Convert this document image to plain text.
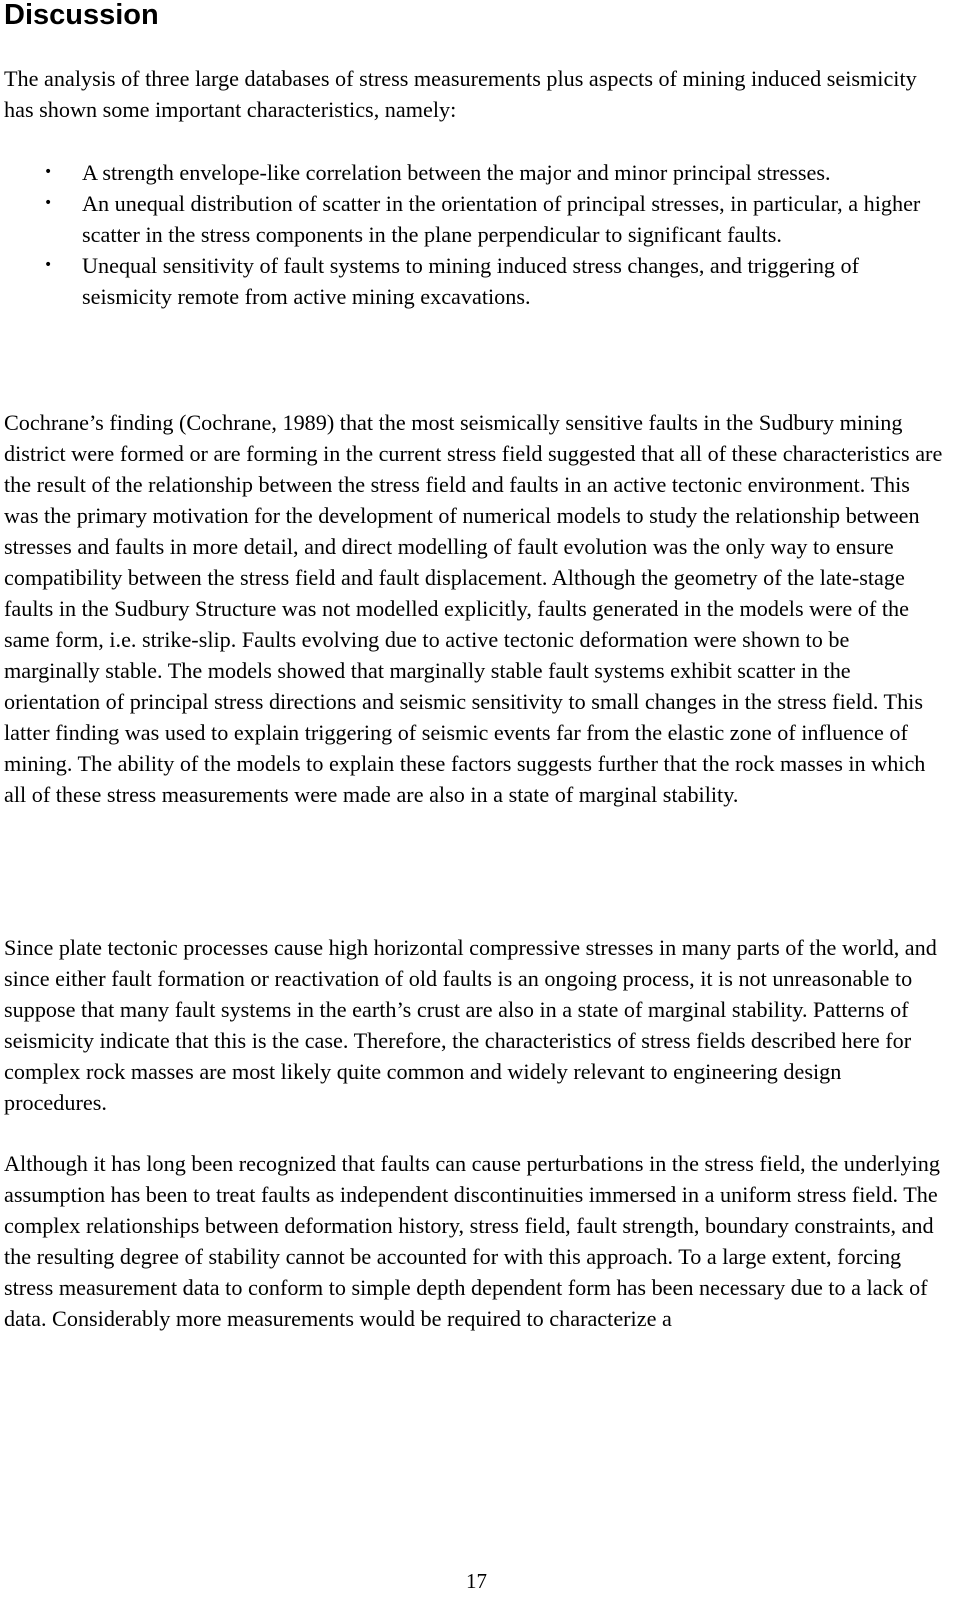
Discussion

The analysis of three large databases of stress measurements plus aspects of mining induced seismicity has shown some important characteristics, namely:

• A strength envelope-like correlation between the major and minor principal stresses.
• An unequal distribution of scatter in the orientation of principal stresses, in particular, a higher scatter in the stress components in the plane perpendicular to significant faults.
• Unequal sensitivity of fault systems to mining induced stress changes, and triggering of seismicity remote from active mining excavations.

Cochrane’s finding (Cochrane, 1989) that the most seismically sensitive faults in the Sudbury mining district were formed or are forming in the current stress field suggested that all of these characteristics are the result of the relationship between the stress field and faults in an active tectonic environment. This was the primary motivation for the development of numerical models to study the relationship between stresses and faults in more detail, and direct modelling of fault evolution was the only way to ensure compatibility between the stress field and fault displacement. Although the geometry of the late-stage faults in the Sudbury Structure was not modelled explicitly, faults generated in the models were of the same form, i.e. strike-slip. Faults evolving due to active tectonic deformation were shown to be marginally stable. The models showed that marginally stable fault systems exhibit scatter in the orientation of principal stress directions and seismic sensitivity to small changes in the stress field. This latter finding was used to explain triggering of seismic events far from the elastic zone of influence of mining. The ability of the models to explain these factors suggests further that the rock masses in which all of these stress measurements were made are also in a state of marginal stability.

Since plate tectonic processes cause high horizontal compressive stresses in many parts of the world, and since either fault formation or reactivation of old faults is an ongoing process, it is not unreasonable to suppose that many fault systems in the earth’s crust are also in a state of marginal stability. Patterns of seismicity indicate that this is the case. Therefore, the characteristics of stress fields described here for complex rock masses are most likely quite common and widely relevant to engineering design procedures.

Although it has long been recognized that faults can cause perturbations in the stress field, the underlying assumption has been to treat faults as independent discontinuities immersed in a uniform stress field. The complex relationships between deformation history, stress field, fault strength, boundary constraints, and the resulting degree of stability cannot be accounted for with this approach. To a large extent, forcing stress measurement data to conform to simple depth dependent form has been necessary due to a lack of data. Considerably more measurements would be required to characterize a

17
